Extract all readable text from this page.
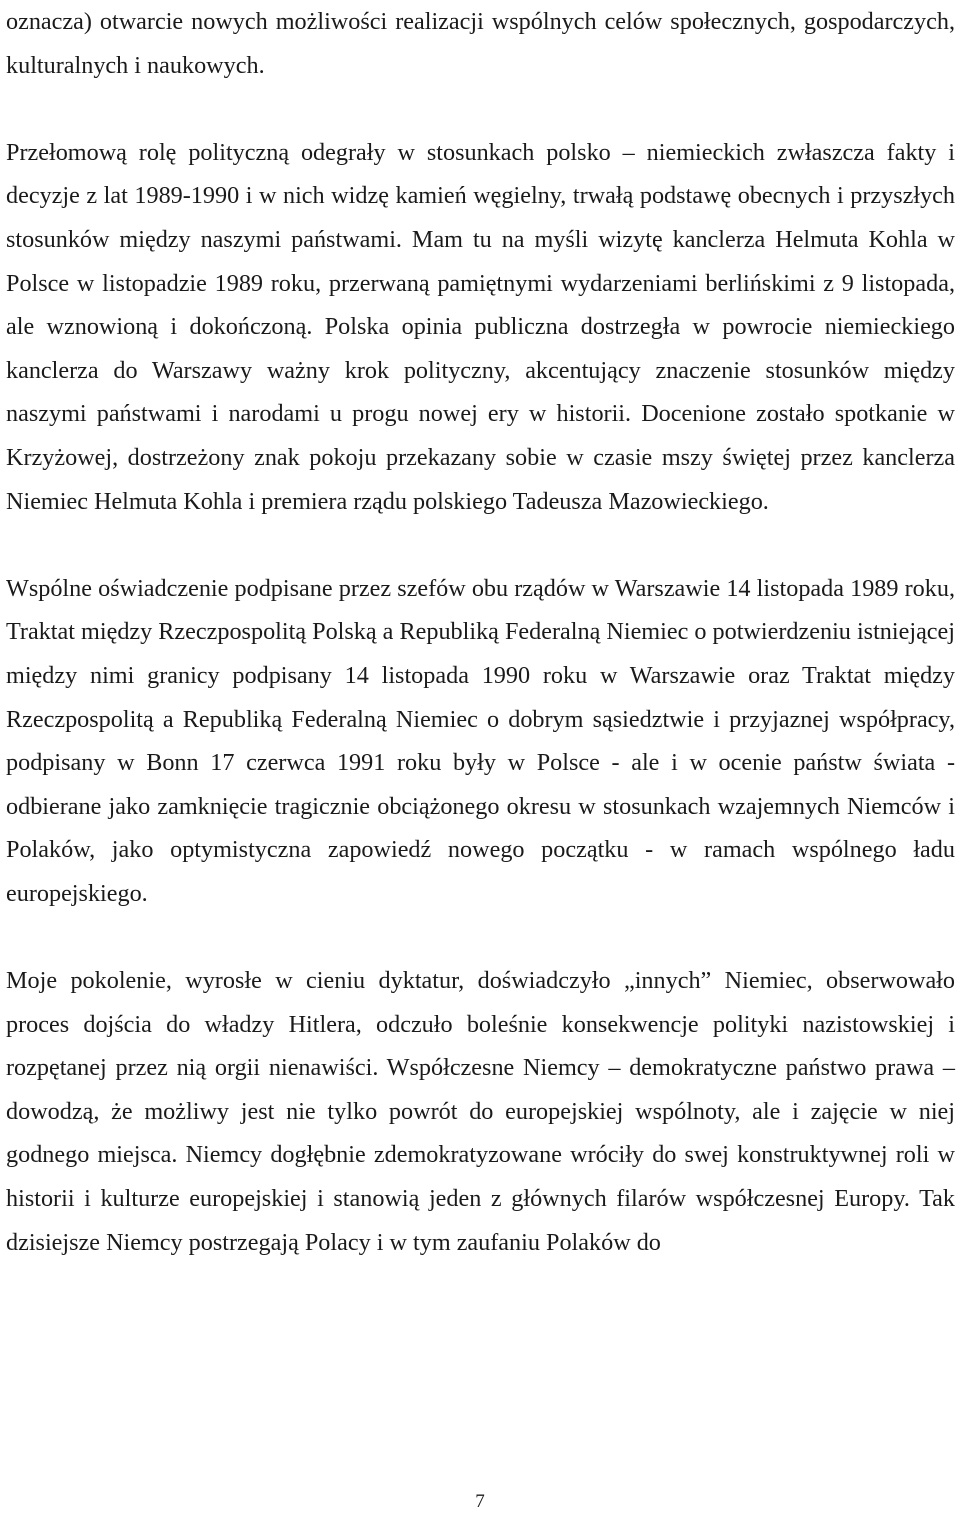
oznacza) otwarcie nowych możliwości realizacji wspólnych celów społecznych, gospodarczych, kulturalnych i naukowych.

Przełomową rolę polityczną odegrały w stosunkach polsko – niemieckich zwłaszcza fakty i decyzje z lat 1989-1990 i w nich widzę kamień węgielny, trwałą podstawę obecnych i przyszłych stosunków między naszymi państwami. Mam tu na myśli wizytę kanclerza Helmuta Kohla w Polsce w listopadzie 1989 roku, przerwaną pamiętnymi wydarzeniami berlińskimi z 9 listopada, ale wznowioną i dokończoną. Polska opinia publiczna dostrzegła w powrocie niemieckiego kanclerza do Warszawy ważny krok polityczny, akcentujący znaczenie stosunków między naszymi państwami i narodami u progu nowej ery w historii. Docenione zostało spotkanie w Krzyżowej, dostrzeżony znak pokoju przekazany sobie w czasie mszy świętej przez kanclerza Niemiec Helmuta Kohla i premiera rządu polskiego Tadeusza Mazowieckiego.

Wspólne oświadczenie podpisane przez szefów obu rządów w Warszawie 14 listopada 1989 roku, Traktat między Rzeczpospolitą Polską a Republiką Federalną Niemiec o potwierdzeniu istniejącej między nimi granicy podpisany 14 listopada 1990 roku w Warszawie oraz Traktat między Rzeczpospolitą a Republiką Federalną Niemiec o dobrym sąsiedztwie i przyjaznej współpracy, podpisany w Bonn 17 czerwca 1991 roku były w Polsce - ale i w ocenie państw świata - odbierane jako zamknięcie tragicznie obciążonego okresu w stosunkach wzajemnych Niemców i Polaków, jako optymistyczna zapowiedź nowego początku - w ramach wspólnego ładu europejskiego.

Moje pokolenie, wyrosłe w cieniu dyktatur, doświadczyło „innych” Niemiec, obserwowało proces dojścia do władzy Hitlera, odczuło boleśnie konsekwencje polityki nazistowskiej i rozpętanej przez nią orgii nienawiści. Współczesne Niemcy – demokratyczne państwo prawa – dowodzą, że możliwy jest nie tylko powrót do europejskiej wspólnoty, ale i zajęcie w niej godnego miejsca. Niemcy dogłębnie zdemokratyzowane wróciły do swej konstruktywnej roli w historii i kulturze europejskiej i stanowią jeden z głównych filarów współczesnej Europy. Tak dzisiejsze Niemcy postrzegają Polacy i w tym zaufaniu Polaków do

7
